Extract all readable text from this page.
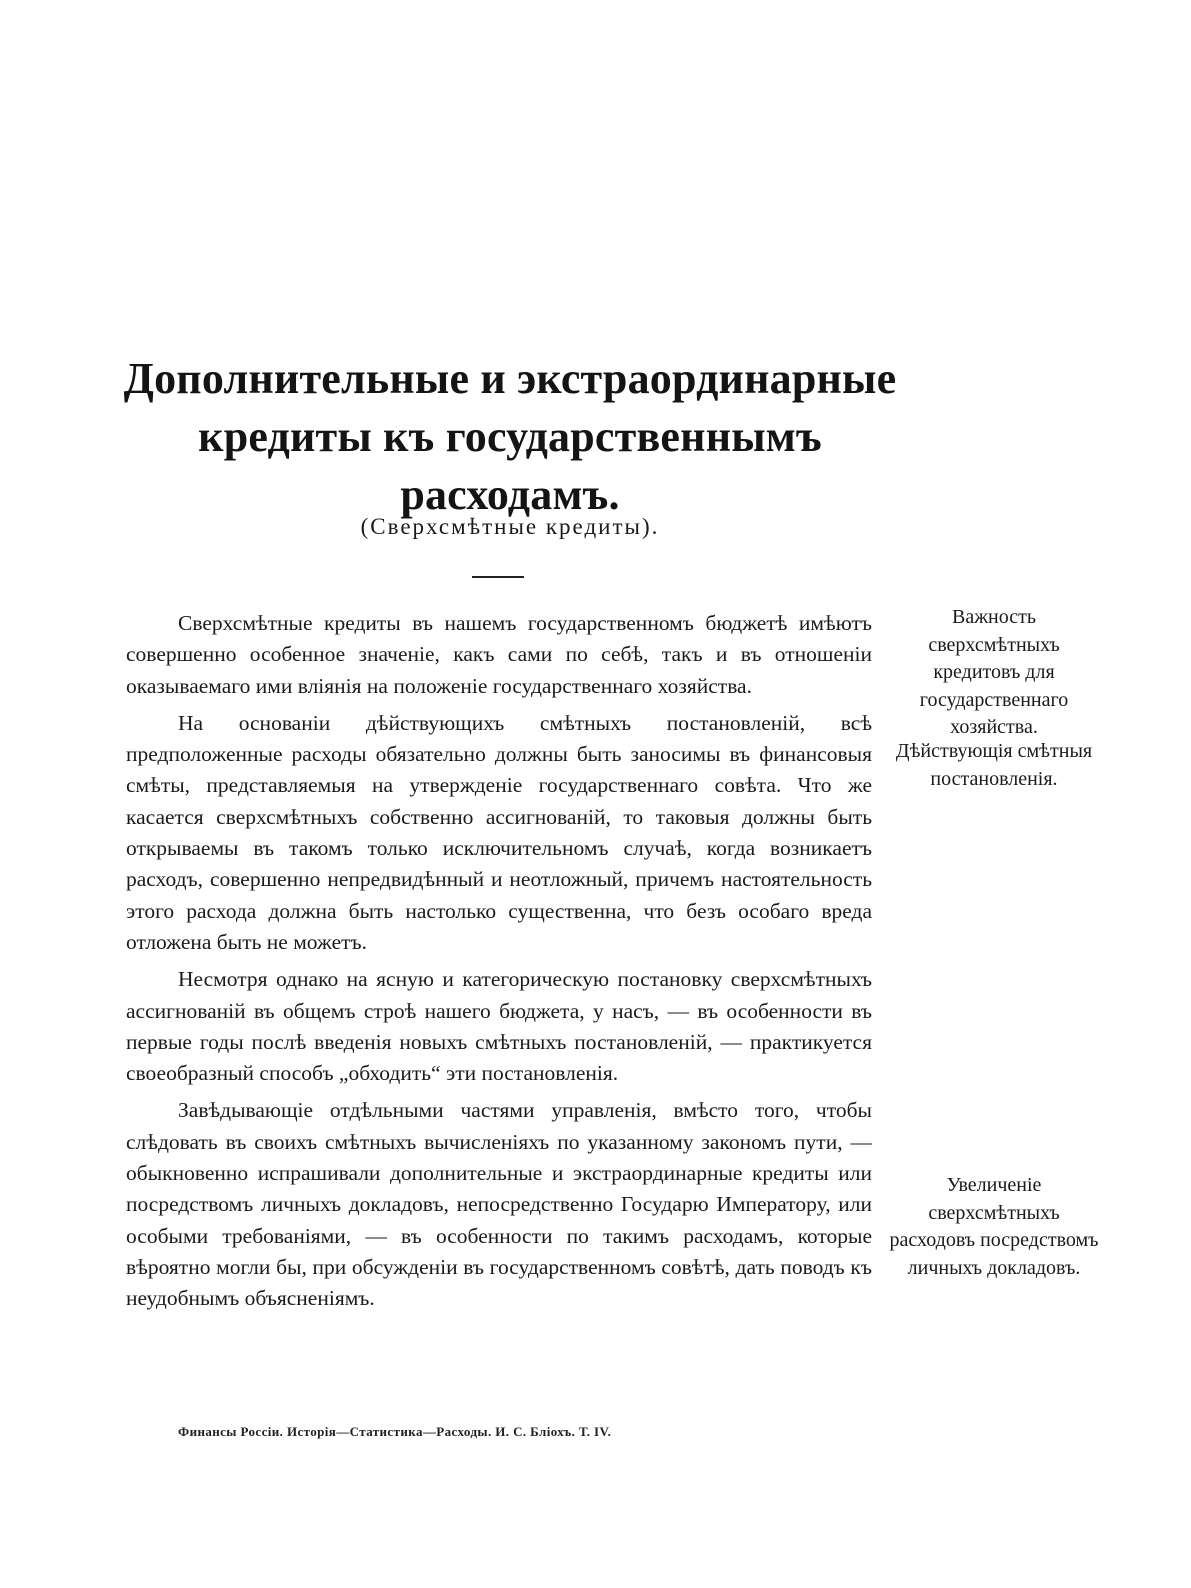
Дополнительные и экстраординарные
кредиты къ государственнымъ
расходамъ.
(Сверхсмѣтные кредиты).

Сверхсмѣтные кредиты въ нашемъ государственномъ бюджетѣ имѣютъ совершенно особенное значеніе, какъ сами по себѣ, такъ и въ отношеніи оказываемаго ими вліянія на положеніе государственнаго хозяйства.

На основаніи дѣйствующихъ смѣтныхъ постановленій, всѣ предположенные расходы обязательно должны быть заносимы въ финансовыя смѣты, представляемыя на утвержденіе государственнаго совѣта. Что же касается сверхсмѣтныхъ собственно ассигнованій, то таковыя должны быть открываемы въ такомъ только исключительномъ случаѣ, когда возникаетъ расходъ, совершенно непредвидѣнный и неотложный, причемъ настоятельность этого расхода должна быть настолько существенна, что безъ особаго вреда отложена быть не можетъ.

Несмотря однако на ясную и категорическую постановку сверхсмѣтныхъ ассигнованій въ общемъ строѣ нашего бюджета, у насъ, — въ особенности въ первые годы послѣ введенія новыхъ смѣтныхъ постановленій, — практикуется своеобразный способъ „обходить“ эти постановленія.

Завѣдывающіе отдѣльными частями управленія, вмѣсто того, чтобы слѣдовать въ своихъ смѣтныхъ вычисленіяхъ по указанному закономъ пути, — обыкновенно испрашивали дополнительные и экстраординарные кредиты или посредствомъ личныхъ докладовъ, непосредственно Государю Императору, или особыми требованіями, — въ особенности по такимъ расходамъ, которые вѣроятно могли бы, при обсужденіи въ государственномъ совѣтѣ, дать поводъ къ неудобнымъ объясненіямъ.

Важность сверхсмѣтныхъ кредитовъ для государственнаго хозяйства.
Дѣйствующія смѣтныя постановленія.
Увеличеніе сверхсмѣтныхъ расходовъ посредствомъ личныхъ докладовъ.
Финансы Россіи. Исторія—Статистика—Расходы. И. С. Блiохъ. Т. IV.
